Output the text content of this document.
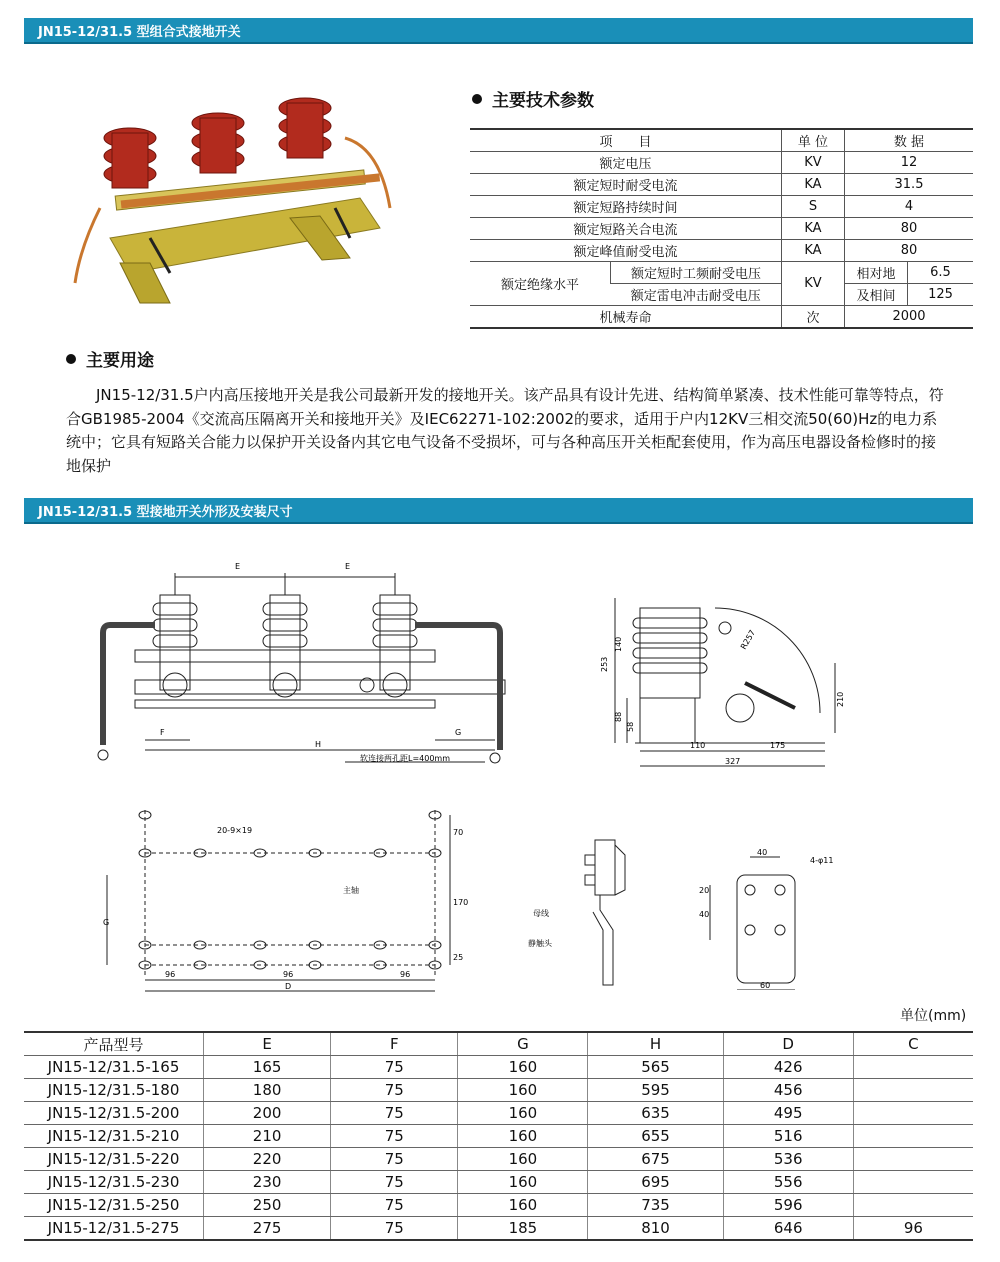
JN15-12/31.5 型组合式接地开关
主要技术参数
项　　目		单 位	数 据	
额定电压		KV	12	
额定短时耐受电流		KA	31.5	
额定短路持续时间		S	4	
额定短路关合电流		KA	80	
额定峰值耐受电流		KA	80	
额定绝缘水平	额定短时工频耐受电压	KV	相对地	6.5
	额定雷电冲击耐受电压		及相间	125
机械寿命		次	2000	
主要用途
JN15-12/31.5户内高压接地开关是我公司最新开发的接地开关。该产品具有设计先进、结构简单紧凑、技术性能可靠等特点，符合GB1985-2004《交流高压隔离开关和接地开关》及IEC62271-102:2002的要求，适用于户内12KV三相交流50(60)Hz的电力系统中；它具有短路关合能力以保护开关设备内其它电气设备不受损坏，可与各种高压开关柜配套使用，作为高压电器设备检修时的接地保护
JN15-12/31.5 型接地开关外形及安装尺寸
E	E
F	G
H
软连接两孔距L=400mm
253
140
88
58
R257
210
110	175
327
20-9×19
主轴
G
96	96	96
D
70
170
25
母线
静触头
40
4-φ11
20
40
60
单位(mm)
产品型号	E	F	G	H	D	C
JN15-12/31.5-165	165	75	160	565	426	
JN15-12/31.5-180	180	75	160	595	456	
JN15-12/31.5-200	200	75	160	635	495	
JN15-12/31.5-210	210	75	160	655	516	
JN15-12/31.5-220	220	75	160	675	536	
JN15-12/31.5-230	230	75	160	695	556	
JN15-12/31.5-250	250	75	160	735	596	
JN15-12/31.5-275	275	75	185	810	646	96
